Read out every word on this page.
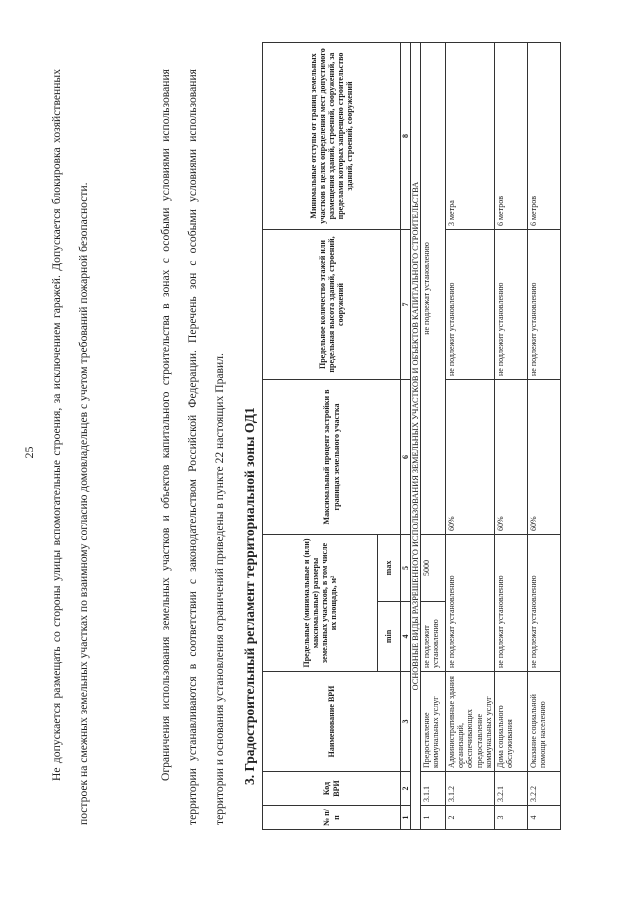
25	Не допускается размещать со стороны улицы вспомогательные строения, за исключением гаражей. Допускается блокировка хозяйственных построек на смежных земельных участках по взаимному согласию домовладельцев с учетом требований пожарной безопасности.	Ограничения использования земельных участков и объектов капитального строительства в зонах с особыми условиями использования территории устанавливаются в соответствии с законодательством Российской Федерации. Перечень зон с особыми условиями использования территории и основания установления ограничений приведены в пункте 22 настоящих Правил.	3. Градостроительный регламент территориальной зоны ОД1
№ п/п	Код ВРИ	Наименование ВРИ	Предельные (минимальные и (или) максимальные) размеры земельных участков, в том числе их площадь, м²		Максимальный процент застройки в границах земельного участка	Предельное количество этажей или предельная высота зданий, строений, сооружений	Минимальные отступы от границ земельных участков в целях определения мест допустимого размещения зданий, строений, сооружений, за пределами которых запрещено строительство зданий, строений, сооружений
			min	max			
1	2	3	4	5	6	7	8
ОСНОВНЫЕ ВИДЫ РАЗРЕШЕННОГО ИСПОЛЬЗОВАНИЯ ЗЕМЕЛЬНЫХ УЧАСТКОВ И ОБЪЕКТОВ КАПИТАЛЬНОГО СТРОИТЕЛЬСТВА							
1	3.1.1	Предоставление коммунальных услуг	не подлежит установлению	5000	не подлежат установлению		
2	3.1.2	Административные здания организаций, обеспечивающих предоставление коммунальных услуг	не подлежат установлению		60%	не подлежит установлению	3 метра
3	3.2.1	Дома социального обслуживания	не подлежат установлению		60%	не подлежит установлению	6 метров
4	3.2.2	Оказание социальной помощи населению	не подлежат установлению		60%	не подлежит установлению	6 метров
